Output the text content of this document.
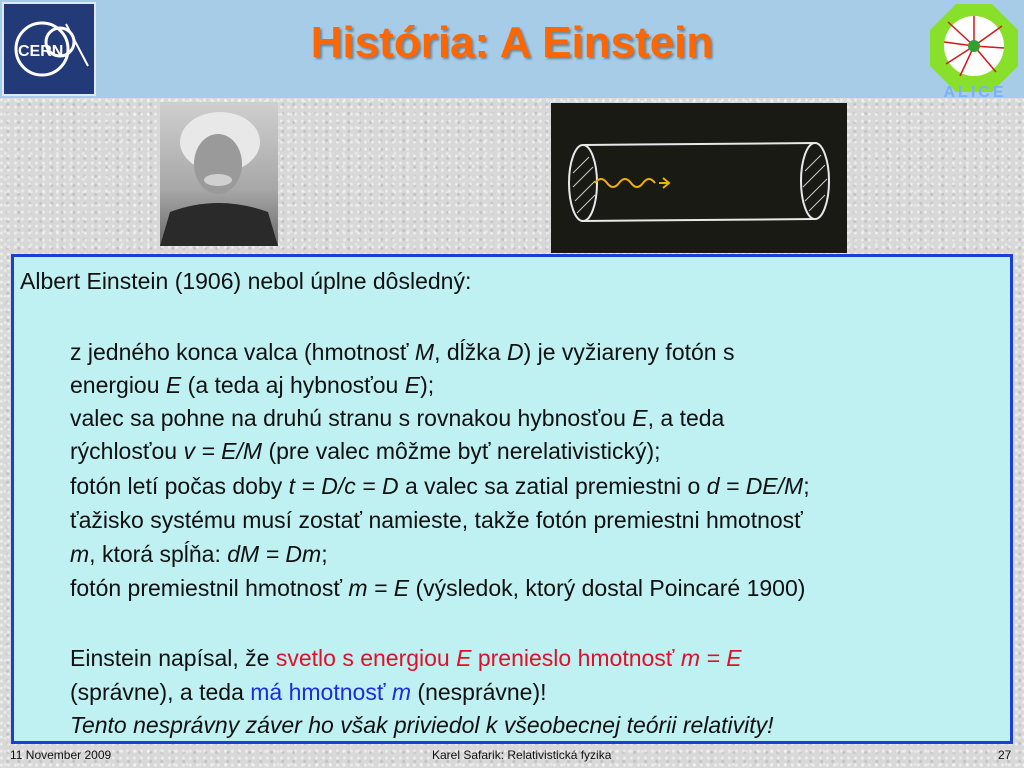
CERN	História: A Einstein
ALICE
Albert Einstein (1906) nebol úplne dôsledný:
z jedného konca valca (hmotnosť M, dĺžka D) je vyžiareny fotón s
energiou E (a teda aj hybnosťou E);
valec sa pohne na druhú stranu s rovnakou hybnosťou E, a teda
rýchlosťou v = E/M (pre valec môžme byť nerelativistický);
fotón letí počas doby t = D/c = D a valec sa zatial premiestni o d = DE/M;
ťažisko systému musí zostať namieste, takže fotón premiestni hmotnosť
m, ktorá spĺňa: dM = Dm;
fotón premiestnil hmotnosť m = E (výsledok, ktorý dostal Poincaré 1900)
Einstein napísal, že svetlo s energiou E prenieslo hmotnosť m = E
(správne), a teda má hmotnosť m (nesprávne)!
Tento nesprávny záver ho však priviedol k všeobecnej teórii relativity!
11 November 2009	Karel Safarik: Relativistická fyzika	27
